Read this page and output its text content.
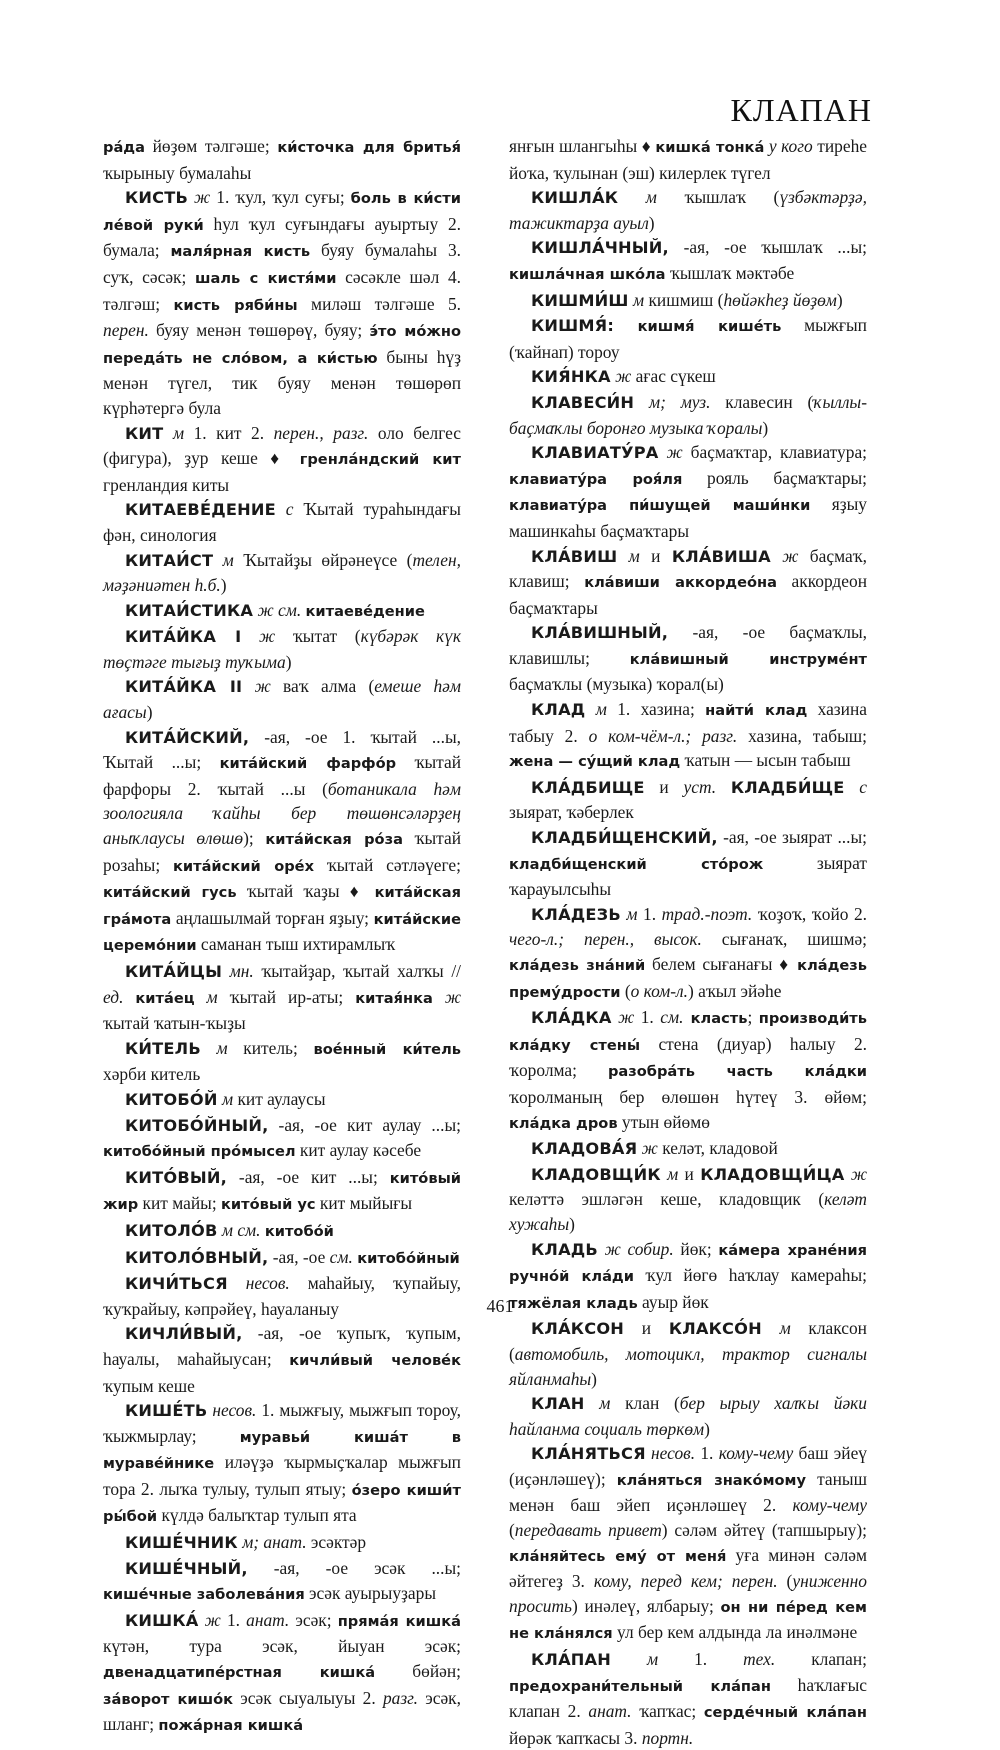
КЛАПАН

ра́да йөҙөм тәлгәше; ки́сточка для бритья́ ҡырыныу бумалаһы

КИСТЬ ж 1. ҡул, ҡул суғы; боль в ки́сти ле́вой руки́ һул ҡул суғындағы ауыртыу 2. бумала; маля́рная кисть буяу бумалаһы 3. суҡ, сәсәк; шаль с кистя́ми сәсәкле шәл 4. тәлгәш; кисть ряби́ны миләш тәлгәше 5. перен. буяу менән төшөрөү, буяу; э́то мо́жно переда́ть не сло́вом, а ки́стью быны һүҙ менән түгел, тик буяу менән төшөрөп күрһәтергә була

КИТ м 1. кит 2. перен., разг. оло белгес (фигура), ҙур кеше ♦ гренла́ндский кит гренландия киты

КИТАЕВЕ́ДЕНИЕ с Ҡытай тураһындағы фән, синология

КИТАИ́СТ м Ҡытайҙы өйрәнеүсе (телен, мәҙәниәтен һ.б.)

КИТАИ́СТИКА ж см. китаеве́дение

КИТА́ЙКА I ж ҡытат (күбәрәк күк төҫтәге тығыҙ туҡыма)

КИТА́ЙКА II ж ваҡ алма (емеше һәм ағасы)

КИТА́ЙСКИЙ, -ая, -ое 1. ҡытай ...ы, Ҡытай ...ы; кита́йский фарфо́р ҡытай фарфоры 2. ҡытай ...ы (ботаникала һәм зоологияла ҡайһы бер төшөнсәләрҙең аныҡлаусы өлөшө); кита́йская ро́за ҡытай розаһы; кита́йский оре́х ҡытай сәтләүеге; кита́йский гусь ҡытай ҡаҙы ♦ кита́йская гра́мота аңлашылмай торған яҙыу; кита́йские церемо́нии саманан тыш ихтирамлыҡ

КИТА́ЙЦЫ мн. ҡытайҙар, ҡытай халҡы // ед. кита́ец м ҡытай ир-аты; китая́нка ж ҡытай ҡатын-ҡыҙы

КИ́ТЕЛЬ м китель; вое́нный ки́тель хәрби китель

КИТОБО́Й м кит аулаусы

КИТОБО́ЙНЫЙ, -ая, -ое кит аулау ...ы; китобо́йный про́мысел кит аулау кәсебе

КИТО́ВЫЙ, -ая, -ое кит ...ы; кито́вый жир кит майы; кито́вый ус кит мыйығы

КИТОЛО́В м см. китобо́й

КИТОЛО́ВНЫЙ, -ая, -ое см. китобо́йный

КИЧИ́ТЬСЯ несов. маһайыу, ҡупайыу, ҡуҡрайыу, кәпрәйеү, һауаланыу

КИЧЛИ́ВЫЙ, -ая, -ое ҡупыҡ, ҡупым, һауалы, маһайыусан; кичли́вый челове́к ҡупым кеше

КИШЕ́ТЬ несов. 1. мыжғыу, мыжғып тороу, ҡыжмырлау; муравьи́ киша́т в мураве́йнике иләүҙә ҡырмыҫҡалар мыжғып тора 2. лыҡа тулыу, тулып ятыу; о́зеро киши́т ры́бой күлдә балыҡтар тулып ята

КИШЕ́ЧНИК м; анат. эсәктәр

КИШЕ́ЧНЫЙ, -ая, -ое эсәк ...ы; кише́чные заболева́ния эсәк ауырыуҙары

КИШКА́ ж 1. анат. эсәк; пряма́я кишка́ күтән, тура эсәк, йыуан эсәк; двенадцатипе́рстная кишка́ бөйән; за́ворот кишо́к эсәк сыуалыуы 2. разг. эсәк, шланг; пожа́рная кишка́

янғын шлангыһы ♦ кишка́ тонка́ у кого тиреһе йоҡа, ҡулынан (эш) килерлек түгел

КИШЛА́К м ҡышлаҡ (үзбәктәрҙә, тажиктарҙа ауыл)

КИШЛА́ЧНЫЙ, -ая, -ое ҡышлаҡ ...ы; кишла́чная шко́ла ҡышлаҡ мәктәбе

КИШМИ́Ш м кишмиш (һөйәкһеҙ йөҙөм)

КИШМЯ́: кишмя́ кише́ть мыжғып (ҡайнап) тороу

КИЯ́НКА ж ағас сүкеш

КЛАВЕСИ́Н м; муз. клавесин (ҡыллы-баҫмаҡлы боронғо музыка ҡоралы)

КЛАВИАТУ́РА ж баҫмаҡтар, клавиатура; клавиату́ра роя́ля рояль баҫмаҡтары; клавиату́ра пи́шущей маши́нки яҙыу машинкаһы баҫмаҡтары

КЛА́ВИШ м и КЛА́ВИША ж баҫмаҡ, клавиш; кла́виши аккордео́на аккордеон баҫмаҡтары

КЛА́ВИШНЫЙ, -ая, -ое баҫмаҡлы, клавишлы; кла́вишный инструме́нт баҫмаҡлы (музыка) ҡорал(ы)

КЛАД м 1. хазина; найти́ клад хазина табыу 2. о ком-чём-л.; разг. хазина, табыш; жена — су́щий клад ҡатын — ысын табыш

КЛА́ДБИЩЕ и уст. КЛАДБИ́ЩЕ с зыярат, ҡәберлек

КЛАДБИ́ЩЕНСКИЙ, -ая, -ое зыярат ...ы; кладби́щенский сто́рож зыярат ҡарауылсыһы

КЛА́ДЕЗЬ м 1. трад.-поэт. ҡоҙоҡ, ҡойо 2. чего-л.; перен., высок. сығанаҡ, шишмә; кла́дезь зна́ний белем сығанағы ♦ кла́дезь прему́дрости (о ком-л.) аҡыл эйәһе

КЛА́ДКА ж 1. см. класть; производи́ть кла́дку стены́ стена (диуар) һалыу 2. ҡоролма; разобра́ть часть кла́дки ҡоролманың бер өлөшөн һүтеү 3. өйөм; кла́дка дров утын өйөмө

КЛАДОВА́Я ж келәт, кладовой

КЛАДОВЩИ́К м и КЛАДОВЩИ́ЦА ж келәттә эшләгән кеше, кладовщик (келәт хужаһы)

КЛАДЬ ж собир. йөк; ка́мера хране́ния ручно́й кла́ди ҡул йөгө һаҡлау камераһы; тяжёлая кладь ауыр йөк

КЛА́КСОН и КЛАКСО́Н м клаксон (автомобиль, мотоцикл, трактор сигналы яйланмаһы)

КЛАН м клан (бер ырыу халҡы йәки һайланма социаль төркөм)

КЛА́НЯТЬСЯ несов. 1. кому-чему баш эйеү (иҫәнләшеү); кла́няться знако́мому таныш менән баш эйеп иҫәнләшеү 2. кому-чему (передавать привет) сәләм әйтеү (тапшырыу); кла́няйтесь ему́ от меня́ уға минән сәләм әйтегеҙ 3. кому, перед кем; перен. (униженно просить) инәлеү, ялбарыу; он ни пе́ред кем не кла́нялся ул бер кем алдында ла инәлмәне

КЛА́ПАН м 1. тех. клапан; предохрани́тельный кла́пан һаҡлағыс клапан 2. анат. ҡапҡас; серде́чный кла́пан йөрәк ҡапҡасы 3. портн.

461
